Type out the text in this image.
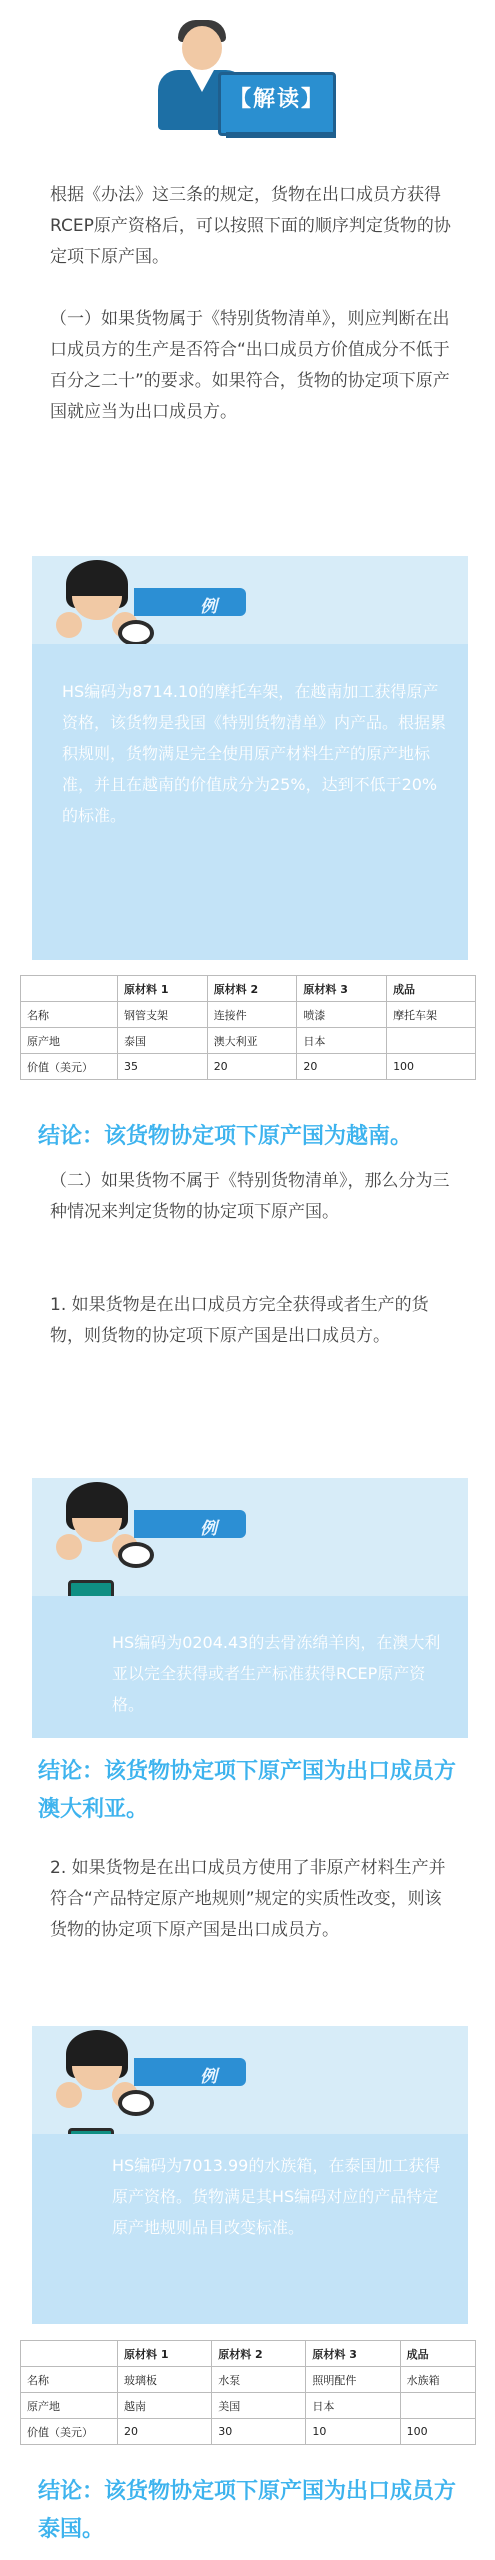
【解读】
根据《办法》这三条的规定，货物在出口成员方获得RCEP原产资格后，可以按照下面的顺序判定货物的协定项下原产国。
（一）如果货物属于《特别货物清单》，则应判断在出口成员方的生产是否符合“出口成员方价值成分不低于百分之二十”的要求。如果符合，货物的协定项下原产国就应当为出口成员方。
例
HS编码为8714.10的摩托车架，在越南加工获得原产资格，该货物是我国《特别货物清单》内产品。根据累积规则，货物满足完全使用原产材料生产的原产地标准，并且在越南的价值成分为25%，达到不低于20%的标准。
	原材料 1	原材料 2	原材料 3	成品
名称	钢管支架	连接件	喷漆	摩托车架
原产地	泰国	澳大利亚	日本	
价值（美元）	35	20	20	100
结论：该货物协定项下原产国为越南。
（二）如果货物不属于《特别货物清单》，那么分为三种情况来判定货物的协定项下原产国。
1. 如果货物是在出口成员方完全获得或者生产的货物，则货物的协定项下原产国是出口成员方。
例
HS编码为0204.43的去骨冻绵羊肉，在澳大利亚以完全获得或者生产标准获得RCEP原产资格。
结论：该货物协定项下原产国为出口成员方澳大利亚。
2. 如果货物是在出口成员方使用了非原产材料生产并符合“产品特定原产地规则”规定的实质性改变，则该货物的协定项下原产国是出口成员方。
例
HS编码为7013.99的水族箱，在泰国加工获得原产资格。货物满足其HS编码对应的产品特定原产地规则品目改变标准。
	原材料 1	原材料 2	原材料 3	成品
名称	玻璃板	水泵	照明配件	水族箱
原产地	越南	美国	日本	
价值（美元）	20	30	10	100
结论：该货物协定项下原产国为出口成员方泰国。
